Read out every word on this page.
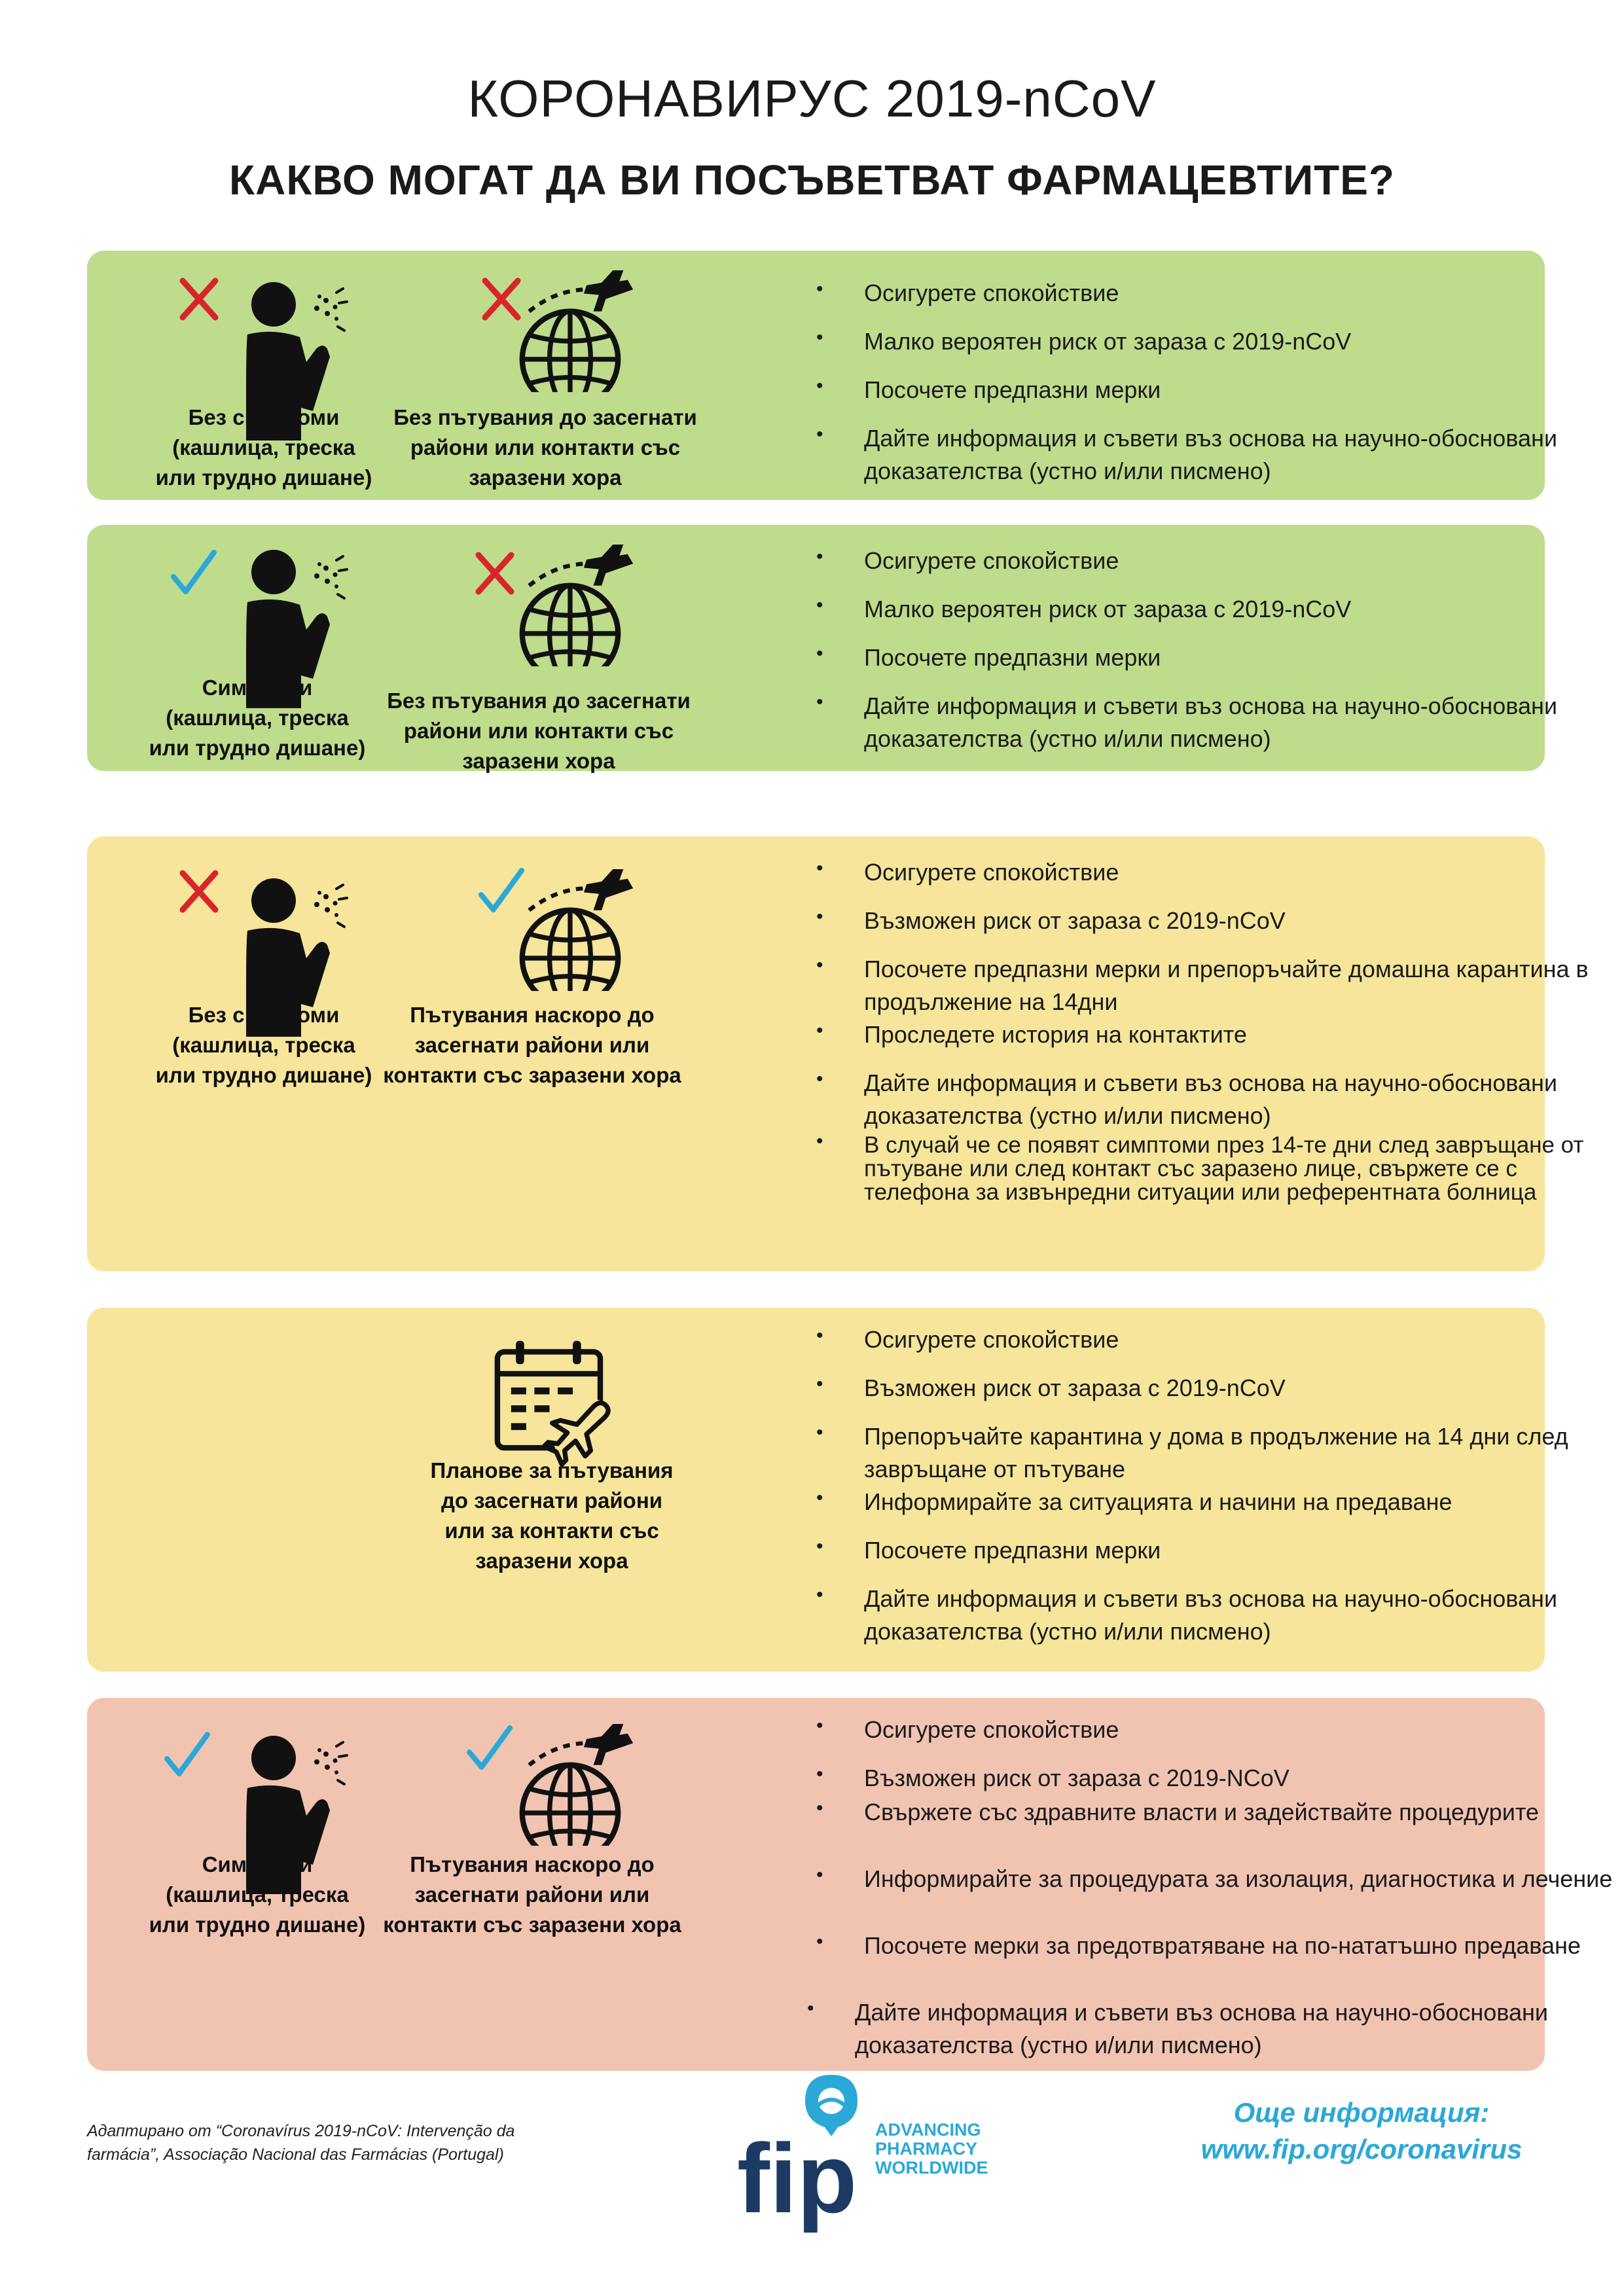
КОРОНАВИРУС 2019-nCoV
КАКВО МОГАТ ДА ВИ ПОСЪВЕТВАТ ФАРМАЦЕВТИТЕ?
Без симптоми (кашлица, треска или трудно дишане)
Без пътувания до засегнати райони или контакти със заразени хора
• Осигурете спокойствие
• Малко вероятен риск от зараза с 2019-nCoV
• Посочете предпазни мерки
• Дайте информация и съвети въз основа на научно-обосновани доказателства (устно и/или писмено)
Симптоми (кашлица, треска или трудно дишане)
Без пътувания до засегнати райони или контакти със заразени хора
• Осигурете спокойствие
• Малко вероятен риск от зараза с 2019-nCoV
• Посочете предпазни мерки
• Дайте информация и съвети въз основа на научно-обосновани доказателства (устно и/или писмено)
Без симптоми (кашлица, треска или трудно дишане)
Пътувания наскоро до засегнати райони или контакти със заразени хора
• Осигурете спокойствие
• Възможен риск от зараза с 2019-nCoV
• Посочете предпазни мерки и препоръчайте домашна карантина в продължение на 14дни
• Проследете история на контактите
• Дайте информация и съвети въз основа на научно-обосновани доказателства (устно и/или писмено)
• В случай че се появят симптоми през 14-те дни след завръщане от пътуване или след контакт със заразено лице, свържете се с телефона за извънредни ситуации или референтната болница
Планове за пътувания до засегнати райони или за контакти със заразени хора
• Осигурете спокойствие
• Възможен риск от зараза с 2019-nCoV
• Препоръчайте карантина у дома в продължение на 14 дни след завръщане от пътуване
• Информирайте за ситуацията и начини на предаване
• Посочете предпазни мерки
• Дайте информация и съвети въз основа на научно-обосновани доказателства (устно и/или писмено)
Симптоми (кашлица, треска или трудно дишане)
Пътувания наскоро до засегнати райони или контакти със заразени хора
• Осигурете спокойствие
• Възможен риск от зараза с 2019-NCoV
• Свържете със здравните власти и задействайте процедурите
• Информирайте за процедурата за изолация, диагностика и лечение
• Посочете мерки за предотвратяване на по-нататъшно предаване
• Дайте информация и съвети въз основа на научно-обосновани доказателства (устно и/или писмено)
Адаптирано от “Coronavírus 2019-nCoV: Intervenção da farmácia”, Associação Nacional das Farmácias (Portugal)	fip ADVANCING
PHARMACY
WORLDWIDE
Още информация:
www.fip.org/coronavirus
